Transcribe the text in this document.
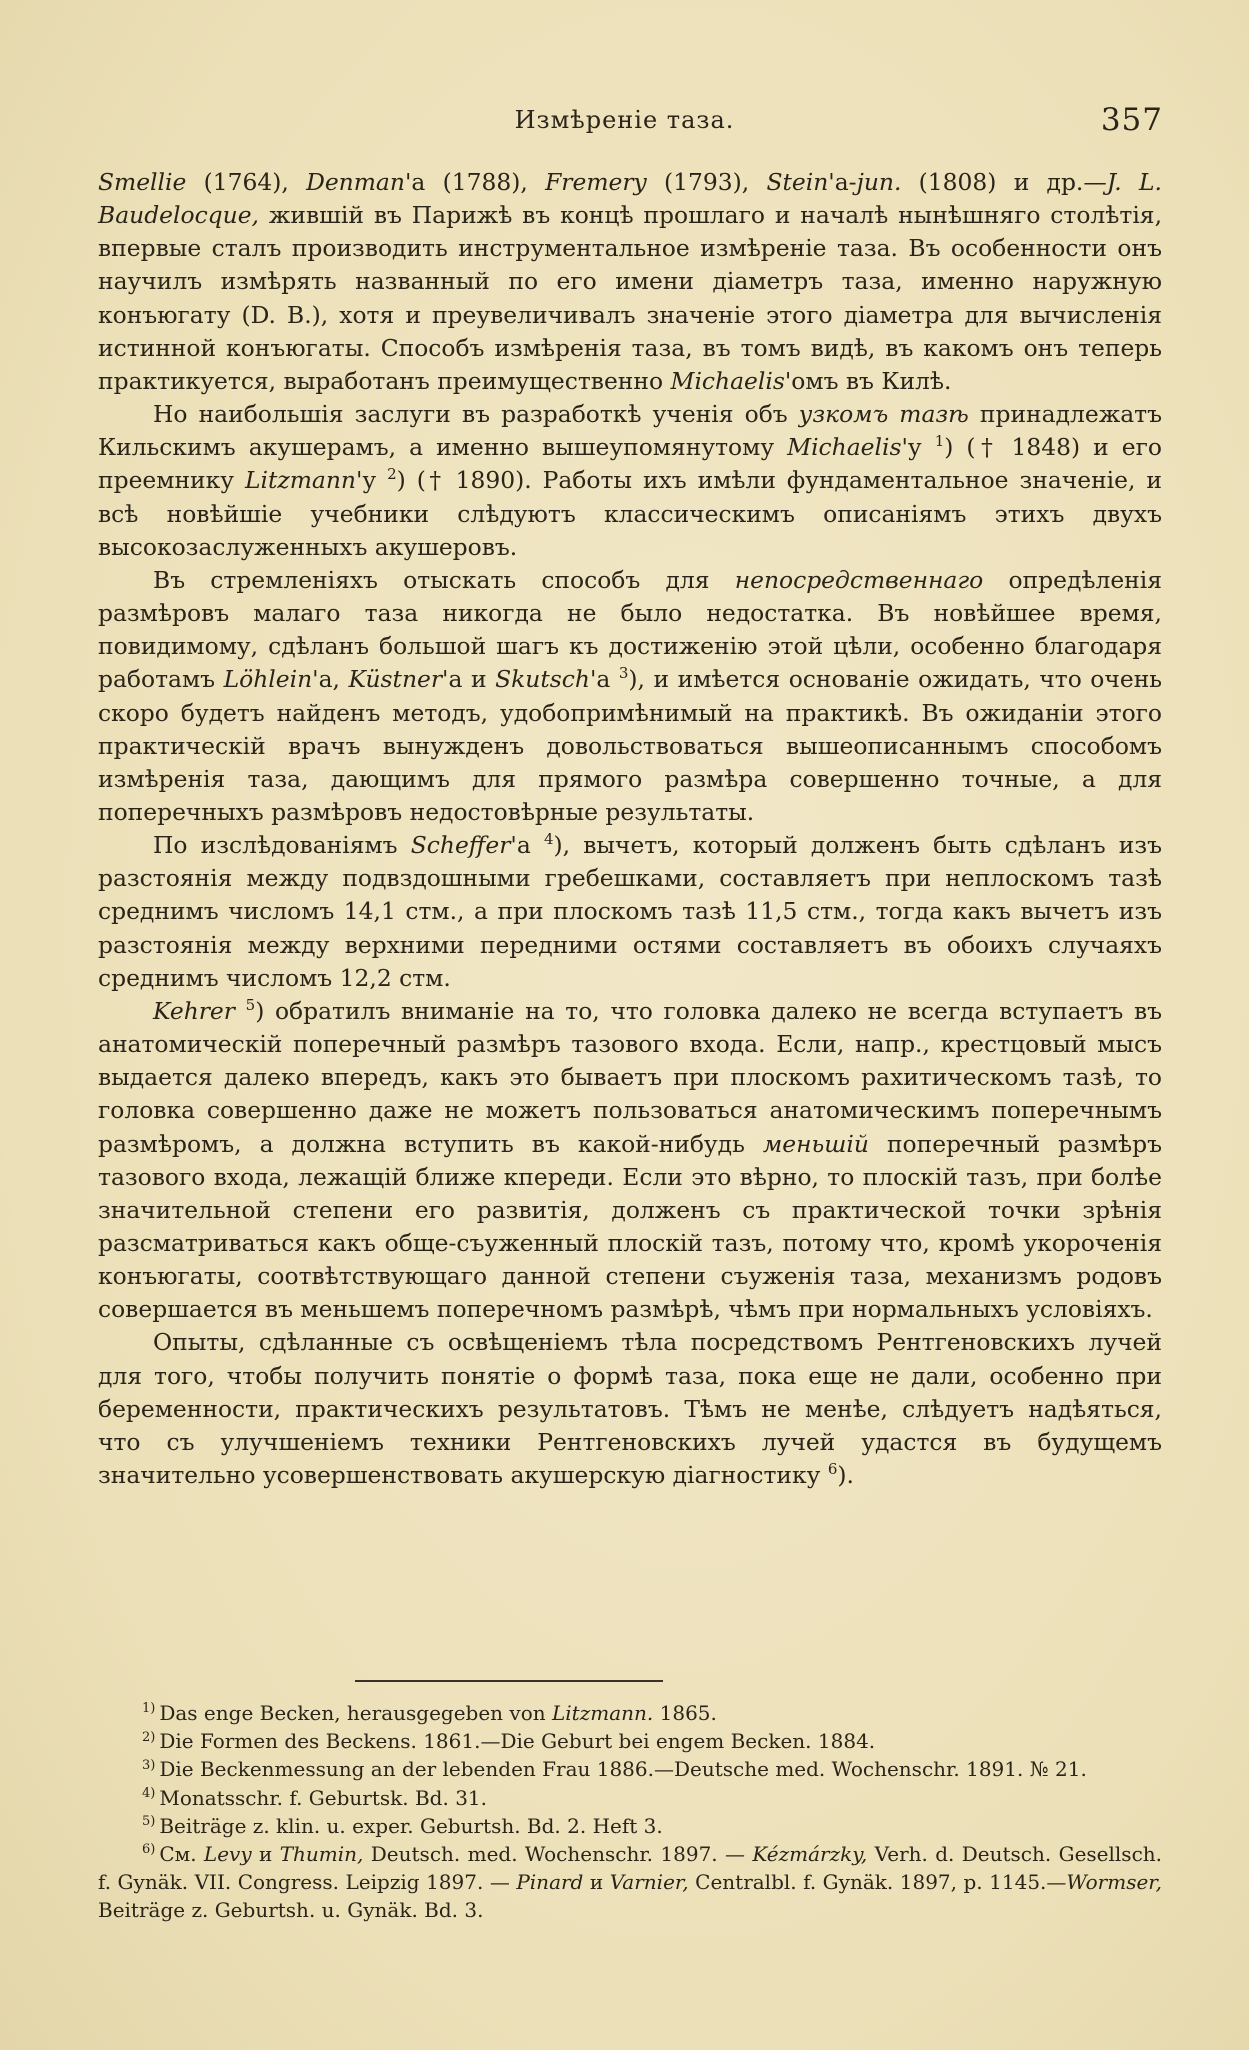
Измѣреніе таза.	357

Smellie (1764), Denman'а (1788), Fremery (1793), Stein'а-jun. (1808) и др.—J. L. Baudelocque, жившій въ Парижѣ въ концѣ прошлаго и началѣ нынѣшняго столѣтія, впервые сталъ производить инструментальное измѣреніе таза. Въ особенности онъ научилъ измѣрять названный по его имени діаметръ таза, именно наружную конъюгату (D. B.), хотя и преувеличивалъ значеніе этого діаметра для вычисленія истинной конъюгаты. Способъ измѣренія таза, въ томъ видѣ, въ какомъ онъ теперь практикуется, выработанъ преимущественно Michaelis'омъ въ Килѣ.

Но наибольшія заслуги въ разработкѣ ученія объ узкомъ тазѣ принадлежатъ Кильскимъ акушерамъ, а именно вышеупомянутому Michaelis'у $^1$) († 1848) и его преемнику Litzmann'у $^2$) († 1890). Работы ихъ имѣли фундаментальное значеніе, и всѣ новѣйшіе учебники слѣдуютъ классическимъ описаніямъ этихъ двухъ высокозаслуженныхъ акушеровъ.

Въ стремленіяхъ отыскать способъ для непосредственнаго опредѣленія размѣровъ малаго таза никогда не было недостатка. Въ новѣйшее время, повидимому, сдѣланъ большой шагъ къ достиженію этой цѣли, особенно благодаря работамъ Löhlein'а, Küstner'а и Skutsch'а $^3$), и имѣется основаніе ожидать, что очень скоро будетъ найденъ методъ, удобопримѣнимый на практикѣ. Въ ожиданіи этого практическій врачъ вынужденъ довольствоваться вышеописаннымъ способомъ измѣренія таза, дающимъ для прямого размѣра совершенно точные, а для поперечныхъ размѣровъ недостовѣрные результаты.

По изслѣдованіямъ Scheffer'а $^4$), вычетъ, который долженъ быть сдѣланъ изъ разстоянія между подвздошными гребешками, составляетъ при неплоскомъ тазѣ среднимъ числомъ 14,1 стм., а при плоскомъ тазѣ 11,5 стм., тогда какъ вычетъ изъ разстоянія между верхними передними остями составляетъ въ обоихъ случаяхъ среднимъ числомъ 12,2 стм.

Kehrer $^5$) обратилъ вниманіе на то, что головка далеко не всегда вступаетъ въ анатомическій поперечный размѣръ тазового входа. Если, напр., крестцовый мысъ выдается далеко впередъ, какъ это бываетъ при плоскомъ рахитическомъ тазѣ, то головка совершенно даже не можетъ пользоваться анатомическимъ поперечнымъ размѣромъ, а должна вступить въ какой-нибудь меньшій поперечный размѣръ тазового входа, лежащій ближе кпереди. Если это вѣрно, то плоскій тазъ, при болѣе значительной степени его развитія, долженъ съ практической точки зрѣнія разсматриваться какъ обще-съуженный плоскій тазъ, потому что, кромѣ укороченія конъюгаты, соотвѣтствующаго данной степени съуженія таза, механизмъ родовъ совершается въ меньшемъ поперечномъ размѣрѣ, чѣмъ при нормальныхъ условіяхъ.

Опыты, сдѣланные съ освѣщеніемъ тѣла посредствомъ Рентгеновскихъ лучей для того, чтобы получить понятіе о формѣ таза, пока еще не дали, особенно при беременности, практическихъ результатовъ. Тѣмъ не менѣе, слѣдуетъ надѣяться, что съ улучшеніемъ техники Рентгеновскихъ лучей удастся въ будущемъ значительно усовершенствовать акушерскую діагностику $^6$).

$^{1)}$ Das enge Becken, herausgegeben von Litzmann. 1865.

$^{2)}$ Die Formen des Beckens. 1861.—Die Geburt bei engem Becken. 1884.

$^{3)}$ Die Beckenmessung an der lebenden Frau 1886.—Deutsche med. Wochenschr. 1891. № 21.

$^{4)}$ Monatsschr. f. Geburtsk. Bd. 31.

$^{5)}$ Beiträge z. klin. u. exper. Geburtsh. Bd. 2. Heft 3.

$^{6)}$ См. Levy и Thumin, Deutsch. med. Wochenschr. 1897. — Kézmárzky, Verh. d. Deutsch. Gesellsch. f. Gynäk. VII. Congress. Leipzig 1897. — Pinard и Varnier, Centralbl. f. Gynäk. 1897, p. 1145.—Wormser, Beiträge z. Geburtsh. u. Gynäk. Bd. 3.
